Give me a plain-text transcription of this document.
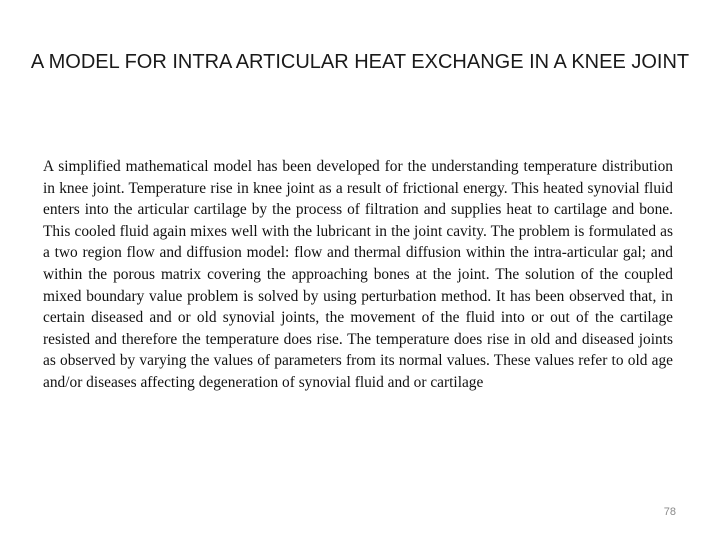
A MODEL FOR INTRA ARTICULAR HEAT EXCHANGE IN A KNEE JOINT

A simplified mathematical model has been developed for the understanding temperature distribution in knee joint. Temperature rise in knee joint as a result of frictional energy. This heated synovial fluid enters into the articular cartilage by the process of filtration and supplies heat to cartilage and bone. This cooled fluid again mixes well with the lubricant in the joint cavity. The problem is formulated as a two region flow and diffusion model: flow and thermal diffusion within the intra-articular gal; and within the porous matrix covering the approaching bones at the joint. The solution of the coupled mixed boundary value problem is solved by using perturbation method. It has been observed that, in certain diseased and or old synovial joints, the movement of the fluid into or out of the cartilage resisted and therefore the temperature does rise. The temperature does rise in old and diseased joints as observed by varying the values of parameters from its normal values. These values refer to old age and/or diseases affecting degeneration of synovial fluid and or cartilage

78
